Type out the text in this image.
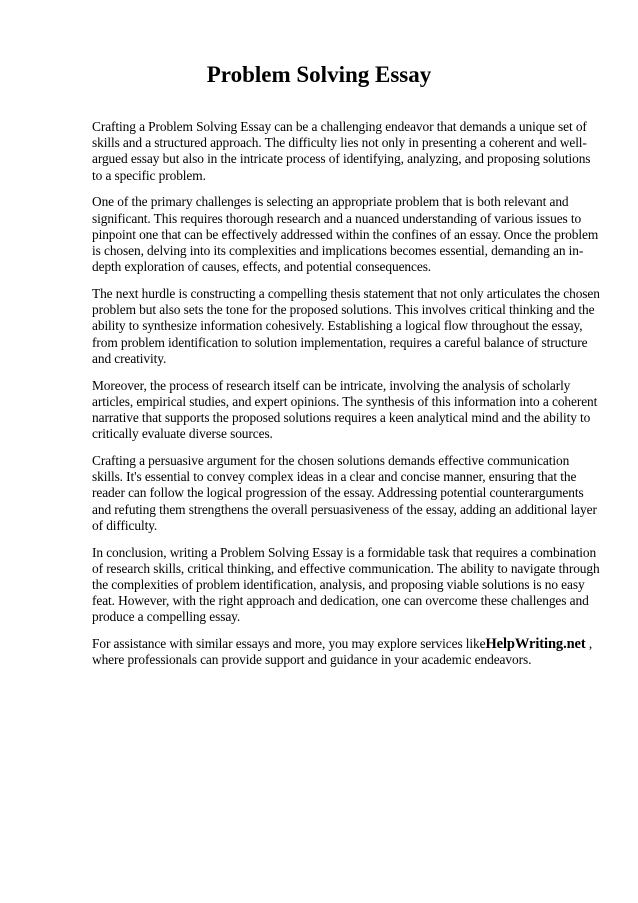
Problem Solving Essay

Crafting a Problem Solving Essay can be a challenging endeavor that demands a unique set of skills and a structured approach. The difficulty lies not only in presenting a coherent and well-argued essay but also in the intricate process of identifying, analyzing, and proposing solutions to a specific problem.

One of the primary challenges is selecting an appropriate problem that is both relevant and significant. This requires thorough research and a nuanced understanding of various issues to pinpoint one that can be effectively addressed within the confines of an essay. Once the problem is chosen, delving into its complexities and implications becomes essential, demanding an in-depth exploration of causes, effects, and potential consequences.

The next hurdle is constructing a compelling thesis statement that not only articulates the chosen problem but also sets the tone for the proposed solutions. This involves critical thinking and the ability to synthesize information cohesively. Establishing a logical flow throughout the essay, from problem identification to solution implementation, requires a careful balance of structure and creativity.

Moreover, the process of research itself can be intricate, involving the analysis of scholarly articles, empirical studies, and expert opinions. The synthesis of this information into a coherent narrative that supports the proposed solutions requires a keen analytical mind and the ability to critically evaluate diverse sources.

Crafting a persuasive argument for the chosen solutions demands effective communication skills. It's essential to convey complex ideas in a clear and concise manner, ensuring that the reader can follow the logical progression of the essay. Addressing potential counterarguments and refuting them strengthens the overall persuasiveness of the essay, adding an additional layer of difficulty.

In conclusion, writing a Problem Solving Essay is a formidable task that requires a combination of research skills, critical thinking, and effective communication. The ability to navigate through the complexities of problem identification, analysis, and proposing viable solutions is no easy feat. However, with the right approach and dedication, one can overcome these challenges and produce a compelling essay.

For assistance with similar essays and more, you may explore services likeHelpWriting.net , where professionals can provide support and guidance in your academic endeavors.
